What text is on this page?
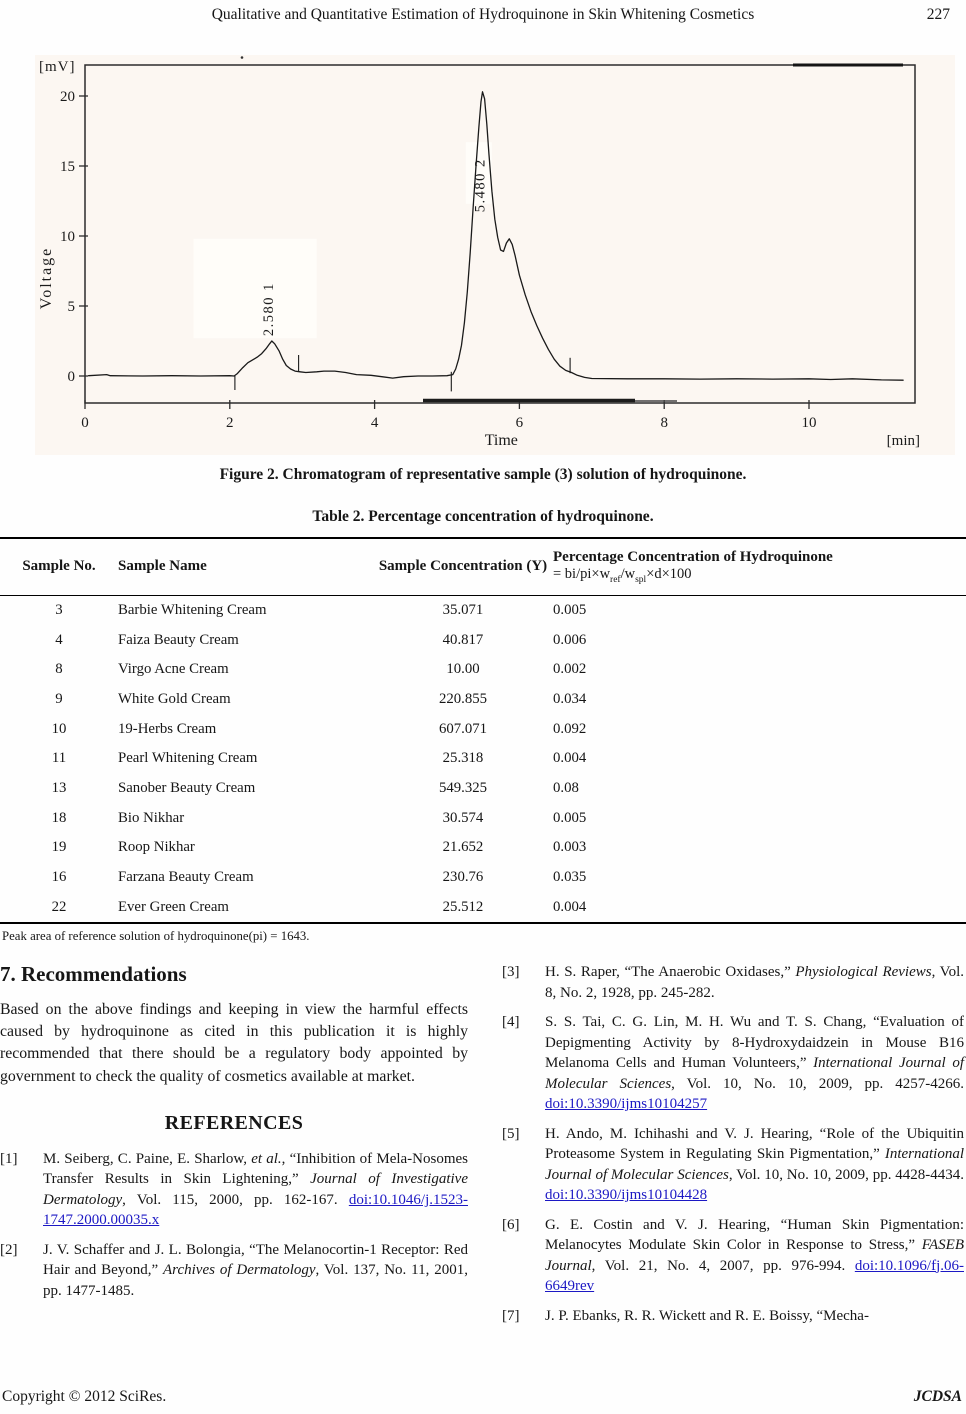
Qualitative and Quantitative Estimation of Hydroquinone in Skin Whitening Cosmetics	227
0
5
10
15
20
0	2	4	6	8	10
[mV]
Voltage
Time	[min]
2.580 1
5.480 2
Figure 2. Chromatogram of representative sample (3) solution of hydroquinone.
Table 2. Percentage concentration of hydroquinone.
Sample No.	Sample Name	Sample Concentration (Y)	Percentage Concentration of Hydroquinone
= $bi/pi\times w_{ref}/w_{spl}\times d\times 100$

3	Barbie Whitening Cream	35.071	0.005
4	Faiza Beauty Cream	40.817	0.006
8	Virgo Acne Cream	10.00	0.002
9	White Gold Cream	220.855	0.034
10	19-Herbs Cream	607.071	0.092
11	Pearl Whitening Cream	25.318	0.004
13	Sanober Beauty Cream	549.325	0.08
18	Bio Nikhar	30.574	0.005
19	Roop Nikhar	21.652	0.003
16	Farzana Beauty Cream	230.76	0.035
22	Ever Green Cream	25.512	0.004
Peak area of reference solution of hydroquinone(pi) = 1643.
7. Recommendations

Based on the above findings and keeping in view the harmful effects caused by hydroquinone as cited in this publication it is highly recommended that there should be a regulatory body appointed by government to check the quality of cosmetics available at market.

REFERENCES
[1] M. Seiberg, C. Paine, E. Sharlow, et al., “Inhibition of Mela-Nosomes Transfer Results in Skin Lightening,” Journal of Investigative Dermatology, Vol. 115, 2000, pp. 162-167. doi:10.1046/j.1523-1747.2000.00035.x
[2] J. V. Schaffer and J. L. Bolongia, “The Melanocortin-1 Receptor: Red Hair and Beyond,” Archives of Dermatology, Vol. 137, No. 11, 2001, pp. 1477-1485.
[3] H. S. Raper, “The Anaerobic Oxidases,” Physiological Reviews, Vol. 8, No. 2, 1928, pp. 245-282.
[4] S. S. Tai, C. G. Lin, M. H. Wu and T. S. Chang, “Evaluation of Depigmenting Activity by 8-Hydroxydaidzein in Mouse B16 Melanoma Cells and Human Volunteers,” International Journal of Molecular Sciences, Vol. 10, No. 10, 2009, pp. 4257-4266. doi:10.3390/ijms10104257
[5] H. Ando, M. Ichihashi and V. J. Hearing, “Role of the Ubiquitin Proteasome System in Regulating Skin Pigmentation,” International Journal of Molecular Sciences, Vol. 10, No. 10, 2009, pp. 4428-4434. doi:10.3390/ijms10104428
[6] G. E. Costin and V. J. Hearing, “Human Skin Pigmentation: Melanocytes Modulate Skin Color in Response to Stress,” FASEB Journal, Vol. 21, No. 4, 2007, pp. 976-994. doi:10.1096/fj.06-6649rev
[7] J. P. Ebanks, R. R. Wickett and R. E. Boissy, “Mecha-
Copyright © 2012 SciRes.	JCDSA
